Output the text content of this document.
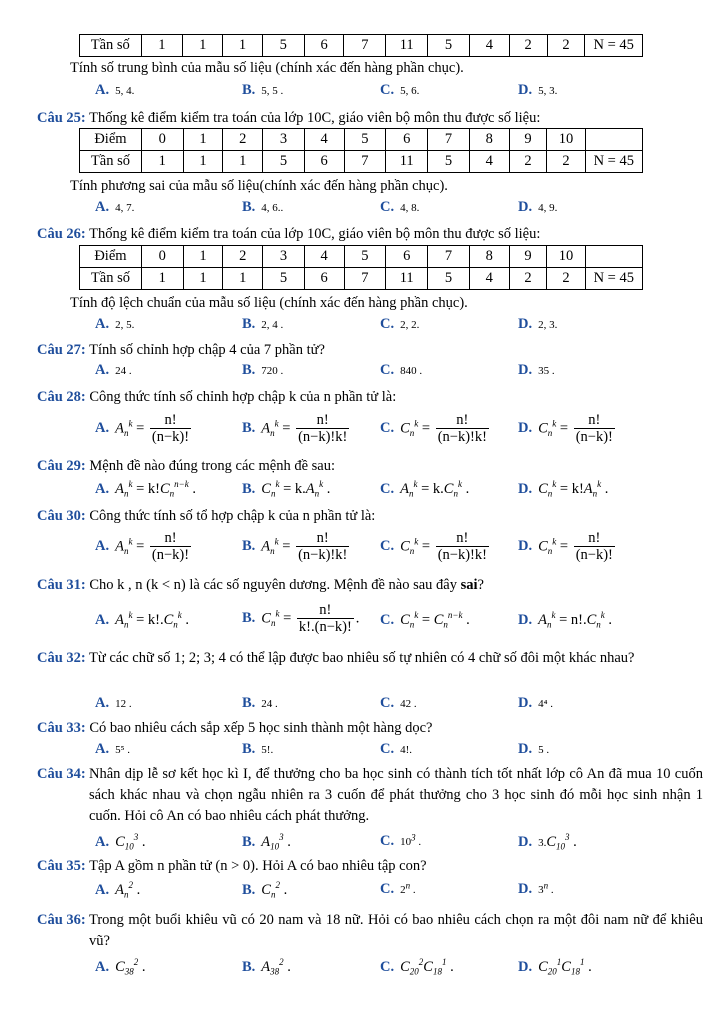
Tần số	1	1	1	5	6	7	11	5	4	2	2	N = 45
Tính số trung bình của mẫu số liệu (chính xác đến hàng phần chục).
A. 5, 4.	B. 5, 5 .	C. 5, 6.	D. 5, 3.
Câu 25: Thống kê điểm kiểm tra toán của lớp 10C, giáo viên bộ môn thu được số liệu:
Điểm	0	1	2	3	4	5	6	7	8	9	10	
Tần số	1	1	1	5	6	7	11	5	4	2	2	N = 45
Tính phương sai của mẫu số liệu(chính xác đến hàng phần chục).
A. 4, 7.	B. 4, 6..	C. 4, 8.	D. 4, 9.
Câu 26: Thống kê điểm kiểm tra toán của lớp 10C, giáo viên bộ môn thu được số liệu:
Điểm	0	1	2	3	4	5	6	7	8	9	10	
Tần số	1	1	1	5	6	7	11	5	4	2	2	N = 45
Tính độ lệch chuẩn của mẫu số liệu (chính xác đến hàng phần chục).
A. 2, 5.	B. 2, 4 .	C. 2, 2.	D. 2, 3.
Câu 27: Tính số chỉnh hợp chập 4 của 7 phần tử?
A. 24 .	B. 720 .	C. 840 .	D. 35 .
Câu 28: Công thức tính số chỉnh hợp chập k của n phần tử là:
A. $A_n^k = \frac{n!}{(n-k)!}$	B. $A_n^k = \frac{n!}{(n-k)!k!} C$. $C_n^k = \frac{n!}{(n-k)!k!} D$. $C_n^k = \frac{n!}{(n-k)!}$
Câu 29: Mệnh đề nào đúng trong các mệnh đề sau:
A. $A_n^k = k!C_n^{n-k}$ .	B. $C_n^k = k.A_n^k$ .	C. $A_n^k = k.C_n^k$ .	D. $C_n^k = k!A_n^k$ .
Câu 30: Công thức tính số tổ hợp chập k của n phần tử là:
A. $A_n^k = \frac{n!}{(n-k)!}$	B. $A_n^k = \frac{n!}{(n-k)!k!} C$. $C_n^k = \frac{n!}{(n-k)!k!} D$. $C_n^k = \frac{n!}{(n-k)!}$
Câu 31: Cho k , n (k < n) là các số nguyên dương. Mệnh đề nào sau đây sai?
A. $A_n^k = k!.C_n^k$ .	B. $C_n^k = \frac{n!}{k!.(n-k)!}$ . C. $C_n^k = C_n^{n-k}$ .	D. $A_n^k = n!.C_n^k$ .
Câu 32: Từ các chữ số 1; 2; 3; 4 có thể lập được bao nhiêu số tự nhiên có 4 chữ số đôi một khác nhau?
A. 12 .	B. 24 .	C. 42 .	D. 4⁴ .
Câu 33: Có bao nhiêu cách sắp xếp 5 học sinh thành một hàng dọc?
A. 5⁵ .	B. 5!.	C. 4!.	D. 5 .
Câu 34: Nhân dịp lễ sơ kết học kì I, để thưởng cho ba học sinh có thành tích tốt nhất lớp cô An đã mua 10 cuốn sách khác nhau và chọn ngẫu nhiên ra 3 cuốn để phát thưởng cho 3 học sinh đó mỗi học sinh nhận 1 cuốn. Hỏi cô An có bao nhiêu cách phát thưởng.
A. $C_{10}^3$ .	B. $A_{10}^3$ .	C. $10^3$ .	D. $3.C_{10}^3$ .
Câu 35: Tập A gồm n phần tử (n > 0). Hỏi A có bao nhiêu tập con?
A. $A_n^2$ .	B. $C_n^2$ .	C. 2$^n$ .	D. 3$^n$ .
Câu 36: Trong một buổi khiêu vũ có 20 nam và 18 nữ. Hỏi có bao nhiêu cách chọn ra một đôi nam nữ để khiêu vũ?
A. $C_{38}^2$ .	B. $A_{38}^2$ .	C. $C_{20}^2C_{18}^1$ .	D. $C_{20}^1C_{18}^1$ .
